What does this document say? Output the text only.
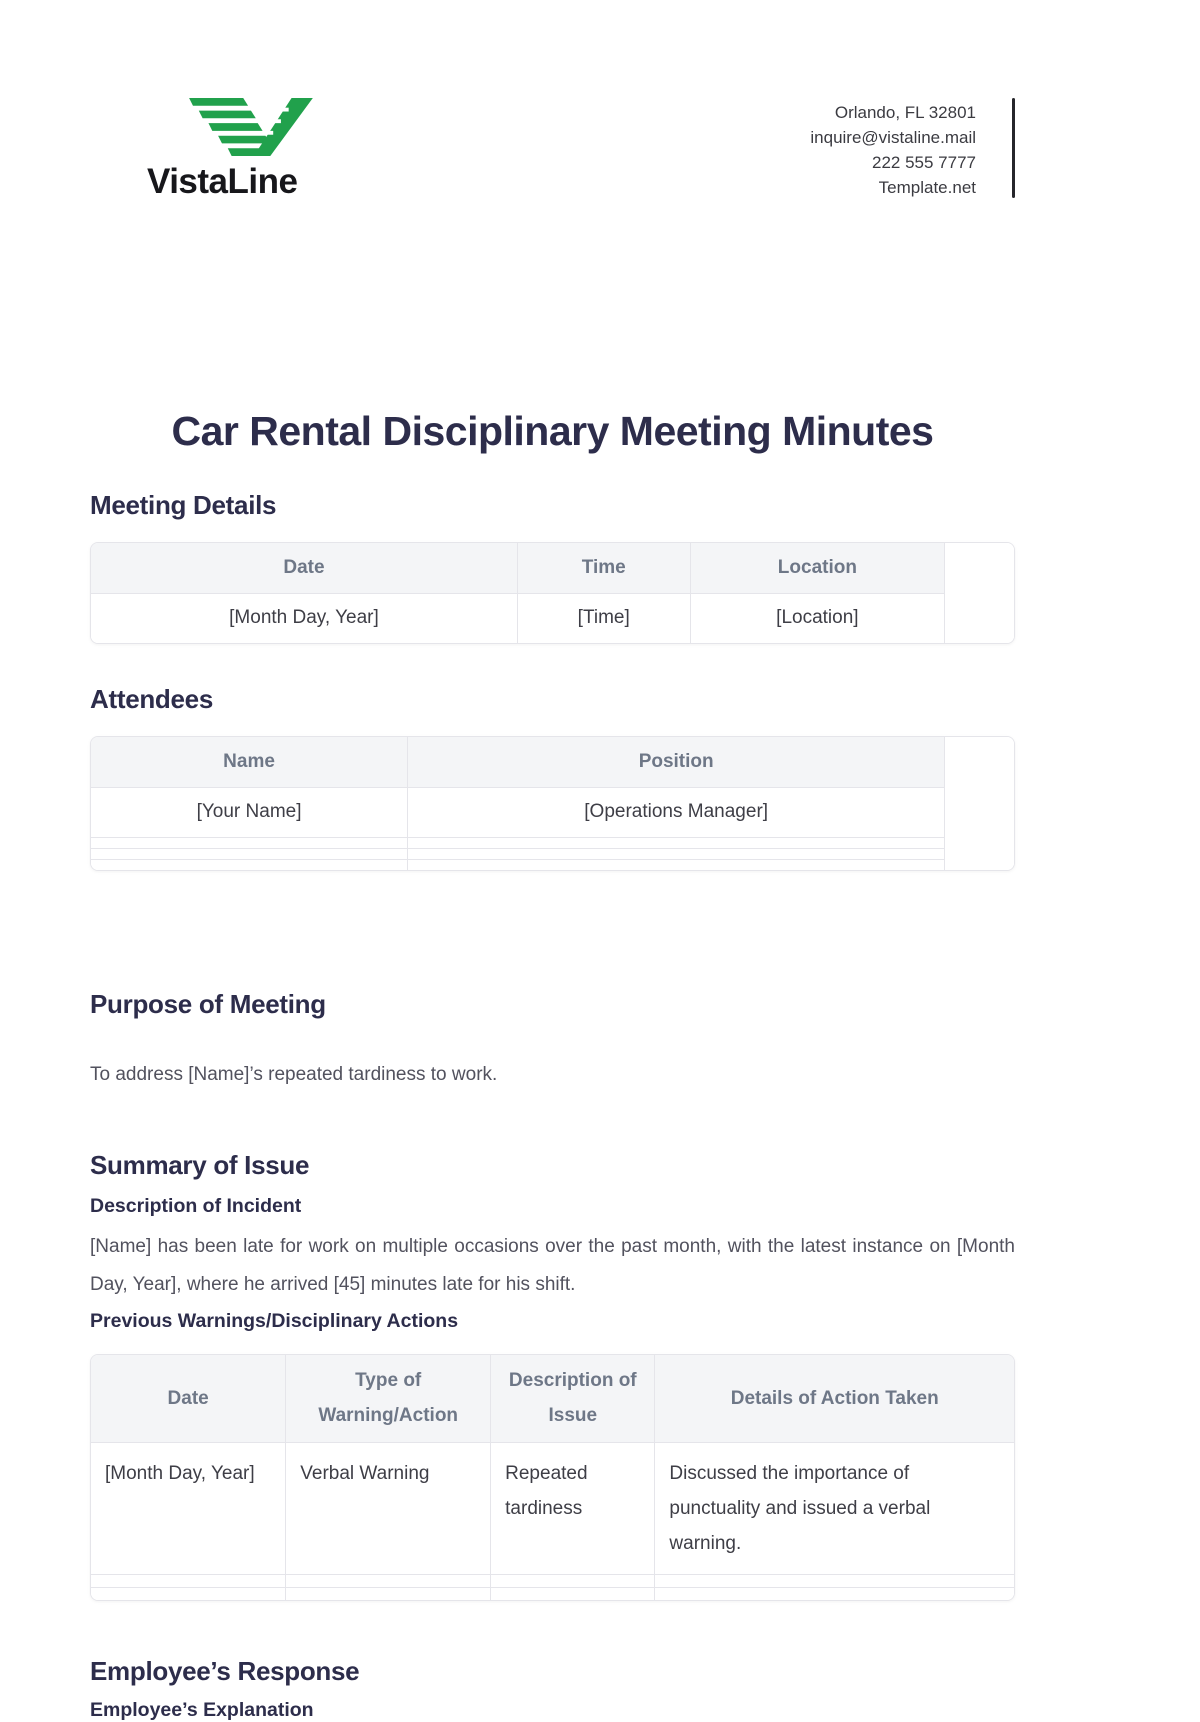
VistaLine
Orlando, FL 32801
inquire@vistaline.mail
222 555 7777
Template.net
Car Rental Disciplinary Meeting Minutes
Meeting Details
Date	Time	Location	
[Month Day, Year]	[Time]	[Location]	
Attendees
Name	Position	
[Your Name]	[Operations Manager]	

Purpose of Meeting

To address [Name]’s repeated tardiness to work.

Summary of Issue
Description of Incident

[Name] has been late for work on multiple occasions over the past month, with the latest instance on [Month Day, Year], where he arrived [45] minutes late for his shift.

Previous Warnings/Disciplinary Actions
Date	Type of Warning/Action	Description of Issue	Details of Action Taken
[Month Day, Year]	Verbal Warning	Repeated tardiness	Discussed the importance of punctuality and issued a verbal warning.

Employee’s Response
Employee’s Explanation
